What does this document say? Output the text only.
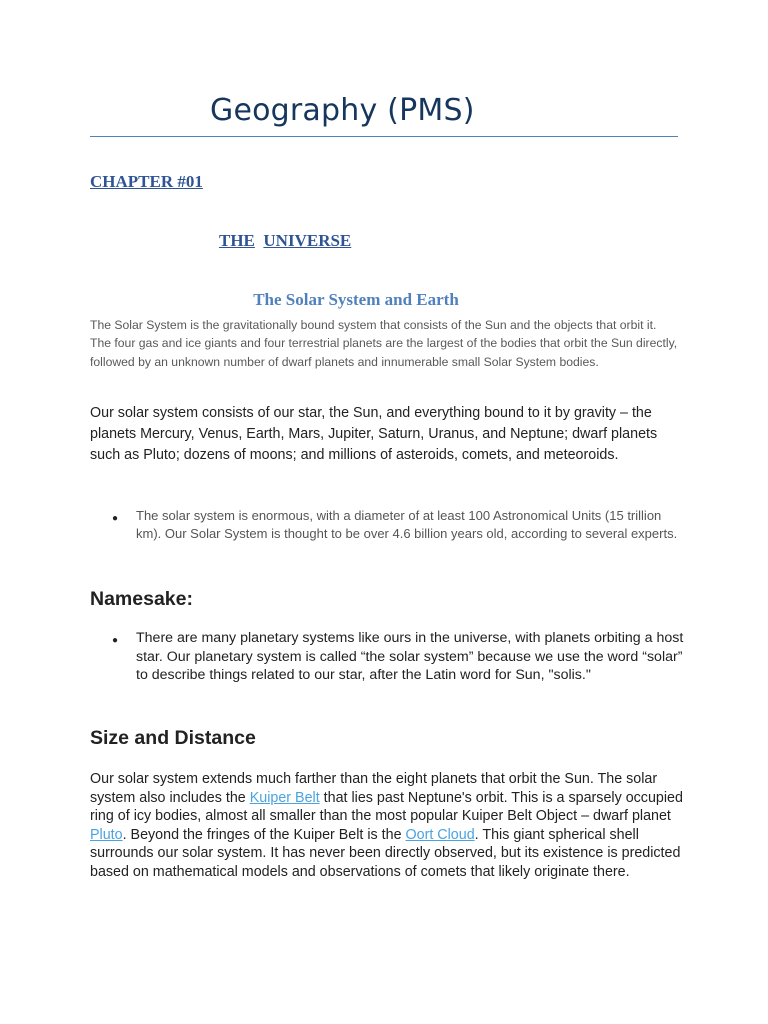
Geography (PMS)
CHAPTER #01
THE UNIVERSE
The Solar System and Earth

The Solar System is the gravitationally bound system that consists of the Sun and the objects that orbit it. The four gas and ice giants and four terrestrial planets are the largest of the bodies that orbit the Sun directly, followed by an unknown number of dwarf planets and innumerable small Solar System bodies.

Our solar system consists of our star, the Sun, and everything bound to it by gravity – the planets Mercury, Venus, Earth, Mars, Jupiter, Saturn, Uranus, and Neptune; dwarf planets such as Pluto; dozens of moons; and millions of asteroids, comets, and meteoroids.

● The solar system is enormous, with a diameter of at least 100 Astronomical Units (15 trillion km). Our Solar System is thought to be over 4.6 billion years old, according to several experts.
Namesake:
● There are many planetary systems like ours in the universe, with planets orbiting a host star. Our planetary system is called “the solar system” because we use the word “solar” to describe things related to our star, after the Latin word for Sun, "solis."
Size and Distance

Our solar system extends much farther than the eight planets that orbit the Sun. The solar system also includes the Kuiper Belt that lies past Neptune's orbit. This is a sparsely occupied ring of icy bodies, almost all smaller than the most popular Kuiper Belt Object – dwarf planet Pluto. Beyond the fringes of the Kuiper Belt is the Oort Cloud. This giant spherical shell surrounds our solar system. It has never been directly observed, but its existence is predicted based on mathematical models and observations of comets that likely originate there.
